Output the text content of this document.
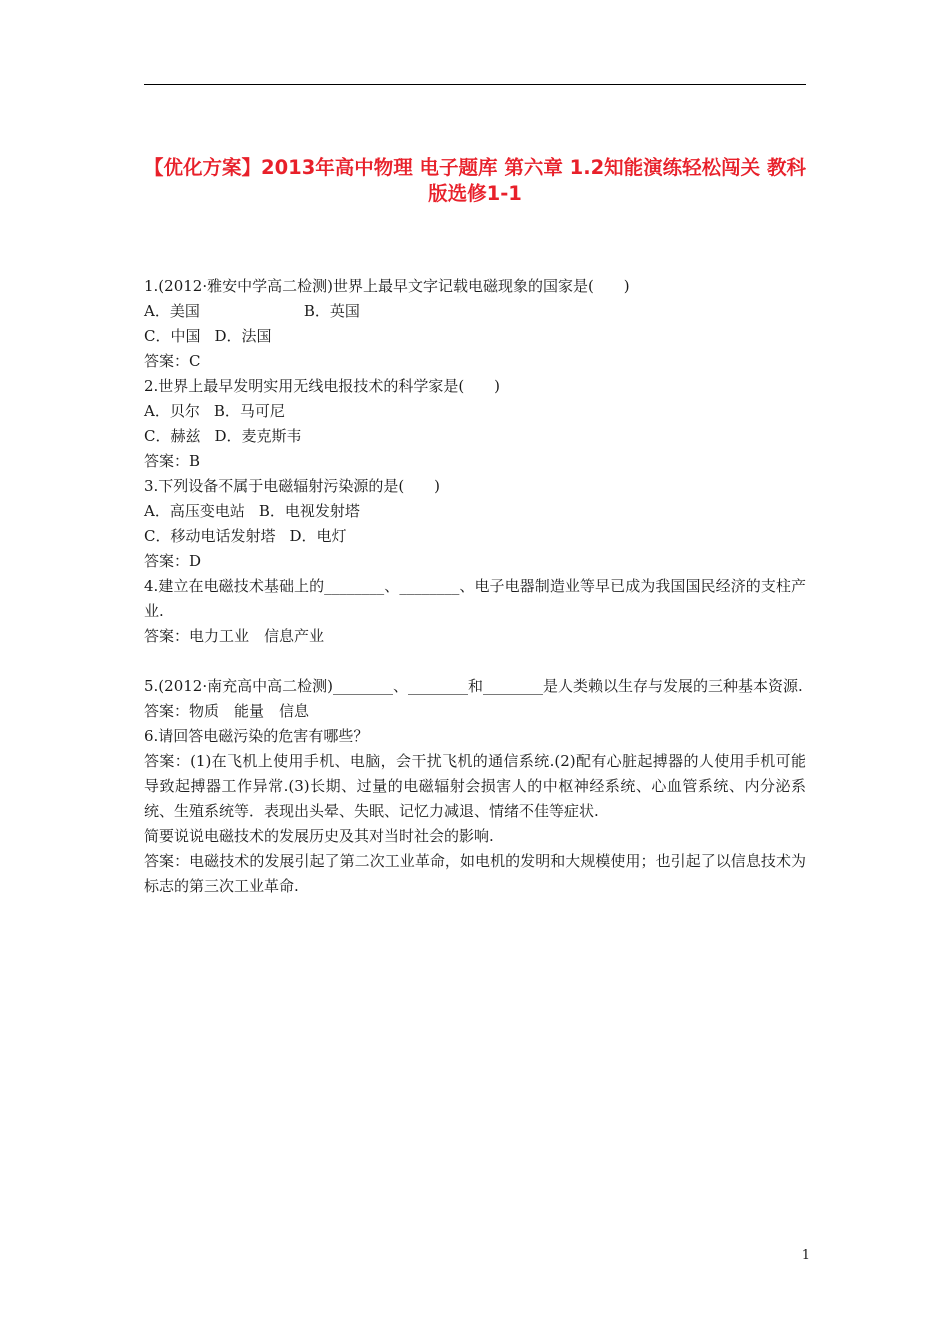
【优化方案】2013年高中物理 电子题库 第六章 1.2知能演练轻松闯关 教科版选修1-1

1.(2012·雅安中学高二检测)世界上最早文字记载电磁现象的国家是(　　)

A．美国	B．英国

C．中国 D．法国

答案：C

2.世界上最早发明实用无线电报技术的科学家是(　　)

A．贝尔 B．马可尼

C．赫兹 D．麦克斯韦

答案：B

3.下列设备不属于电磁辐射污染源的是(　　)

A．高压变电站 B．电视发射塔

C．移动电话发射塔 D．电灯

答案：D

4.建立在电磁技术基础上的________、________、电子电器制造业等早已成为我国国民经济的支柱产业.

答案：电力工业　信息产业

5.(2012·南充高中高二检测)________、________和________是人类赖以生存与发展的三种基本资源.

答案：物质　能量　信息

6.请回答电磁污染的危害有哪些？

答案：(1)在飞机上使用手机、电脑，会干扰飞机的通信系统.(2)配有心脏起搏器的人使用手机可能导致起搏器工作异常.(3)长期、过量的电磁辐射会损害人的中枢神经系统、心血管系统、内分泌系统、生殖系统等．表现出头晕、失眠、记忆力减退、情绪不佳等症状.

简要说说电磁技术的发展历史及其对当时社会的影响.

答案：电磁技术的发展引起了第二次工业革命，如电机的发明和大规模使用；也引起了以信息技术为标志的第三次工业革命.

1
